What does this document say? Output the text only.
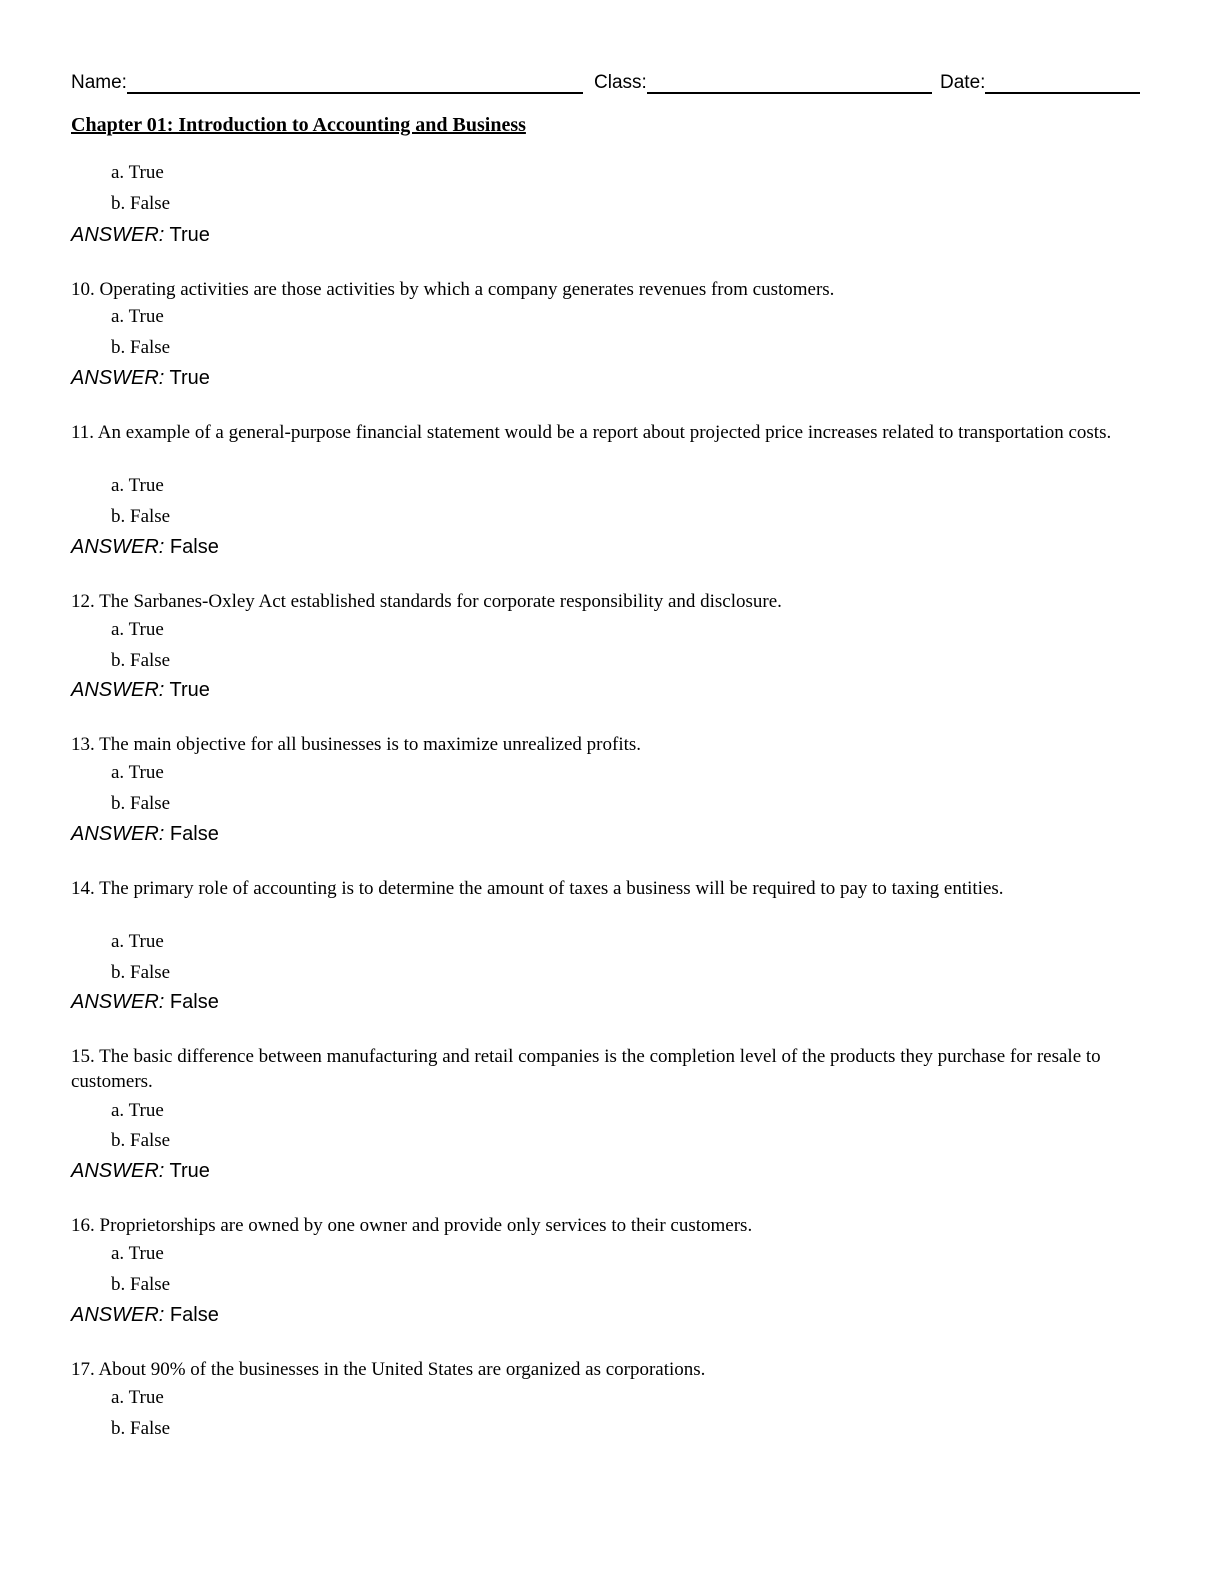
Name:	Class:	Date:
Chapter 01: Introduction to Accounting and Business
a. True
b. False
ANSWER: True
10. Operating activities are those activities by which a company generates revenues from customers.
a. True
b. False
ANSWER: True
11. An example of a general-purpose financial statement would be a report about projected price increases related to transportation costs.
a. True
b. False
ANSWER: False
12. The Sarbanes-Oxley Act established standards for corporate responsibility and disclosure.
a. True
b. False
ANSWER: True
13. The main objective for all businesses is to maximize unrealized profits.
a. True
b. False
ANSWER: False
14. The primary role of accounting is to determine the amount of taxes a business will be required to pay to taxing entities.
a. True
b. False
ANSWER: False
15. The basic difference between manufacturing and retail companies is the completion level of the products they purchase for resale to customers.
a. True
b. False
ANSWER: True
16. Proprietorships are owned by one owner and provide only services to their customers.
a. True
b. False
ANSWER: False
17. About 90% of the businesses in the United States are organized as corporations.
a. True
b. False
